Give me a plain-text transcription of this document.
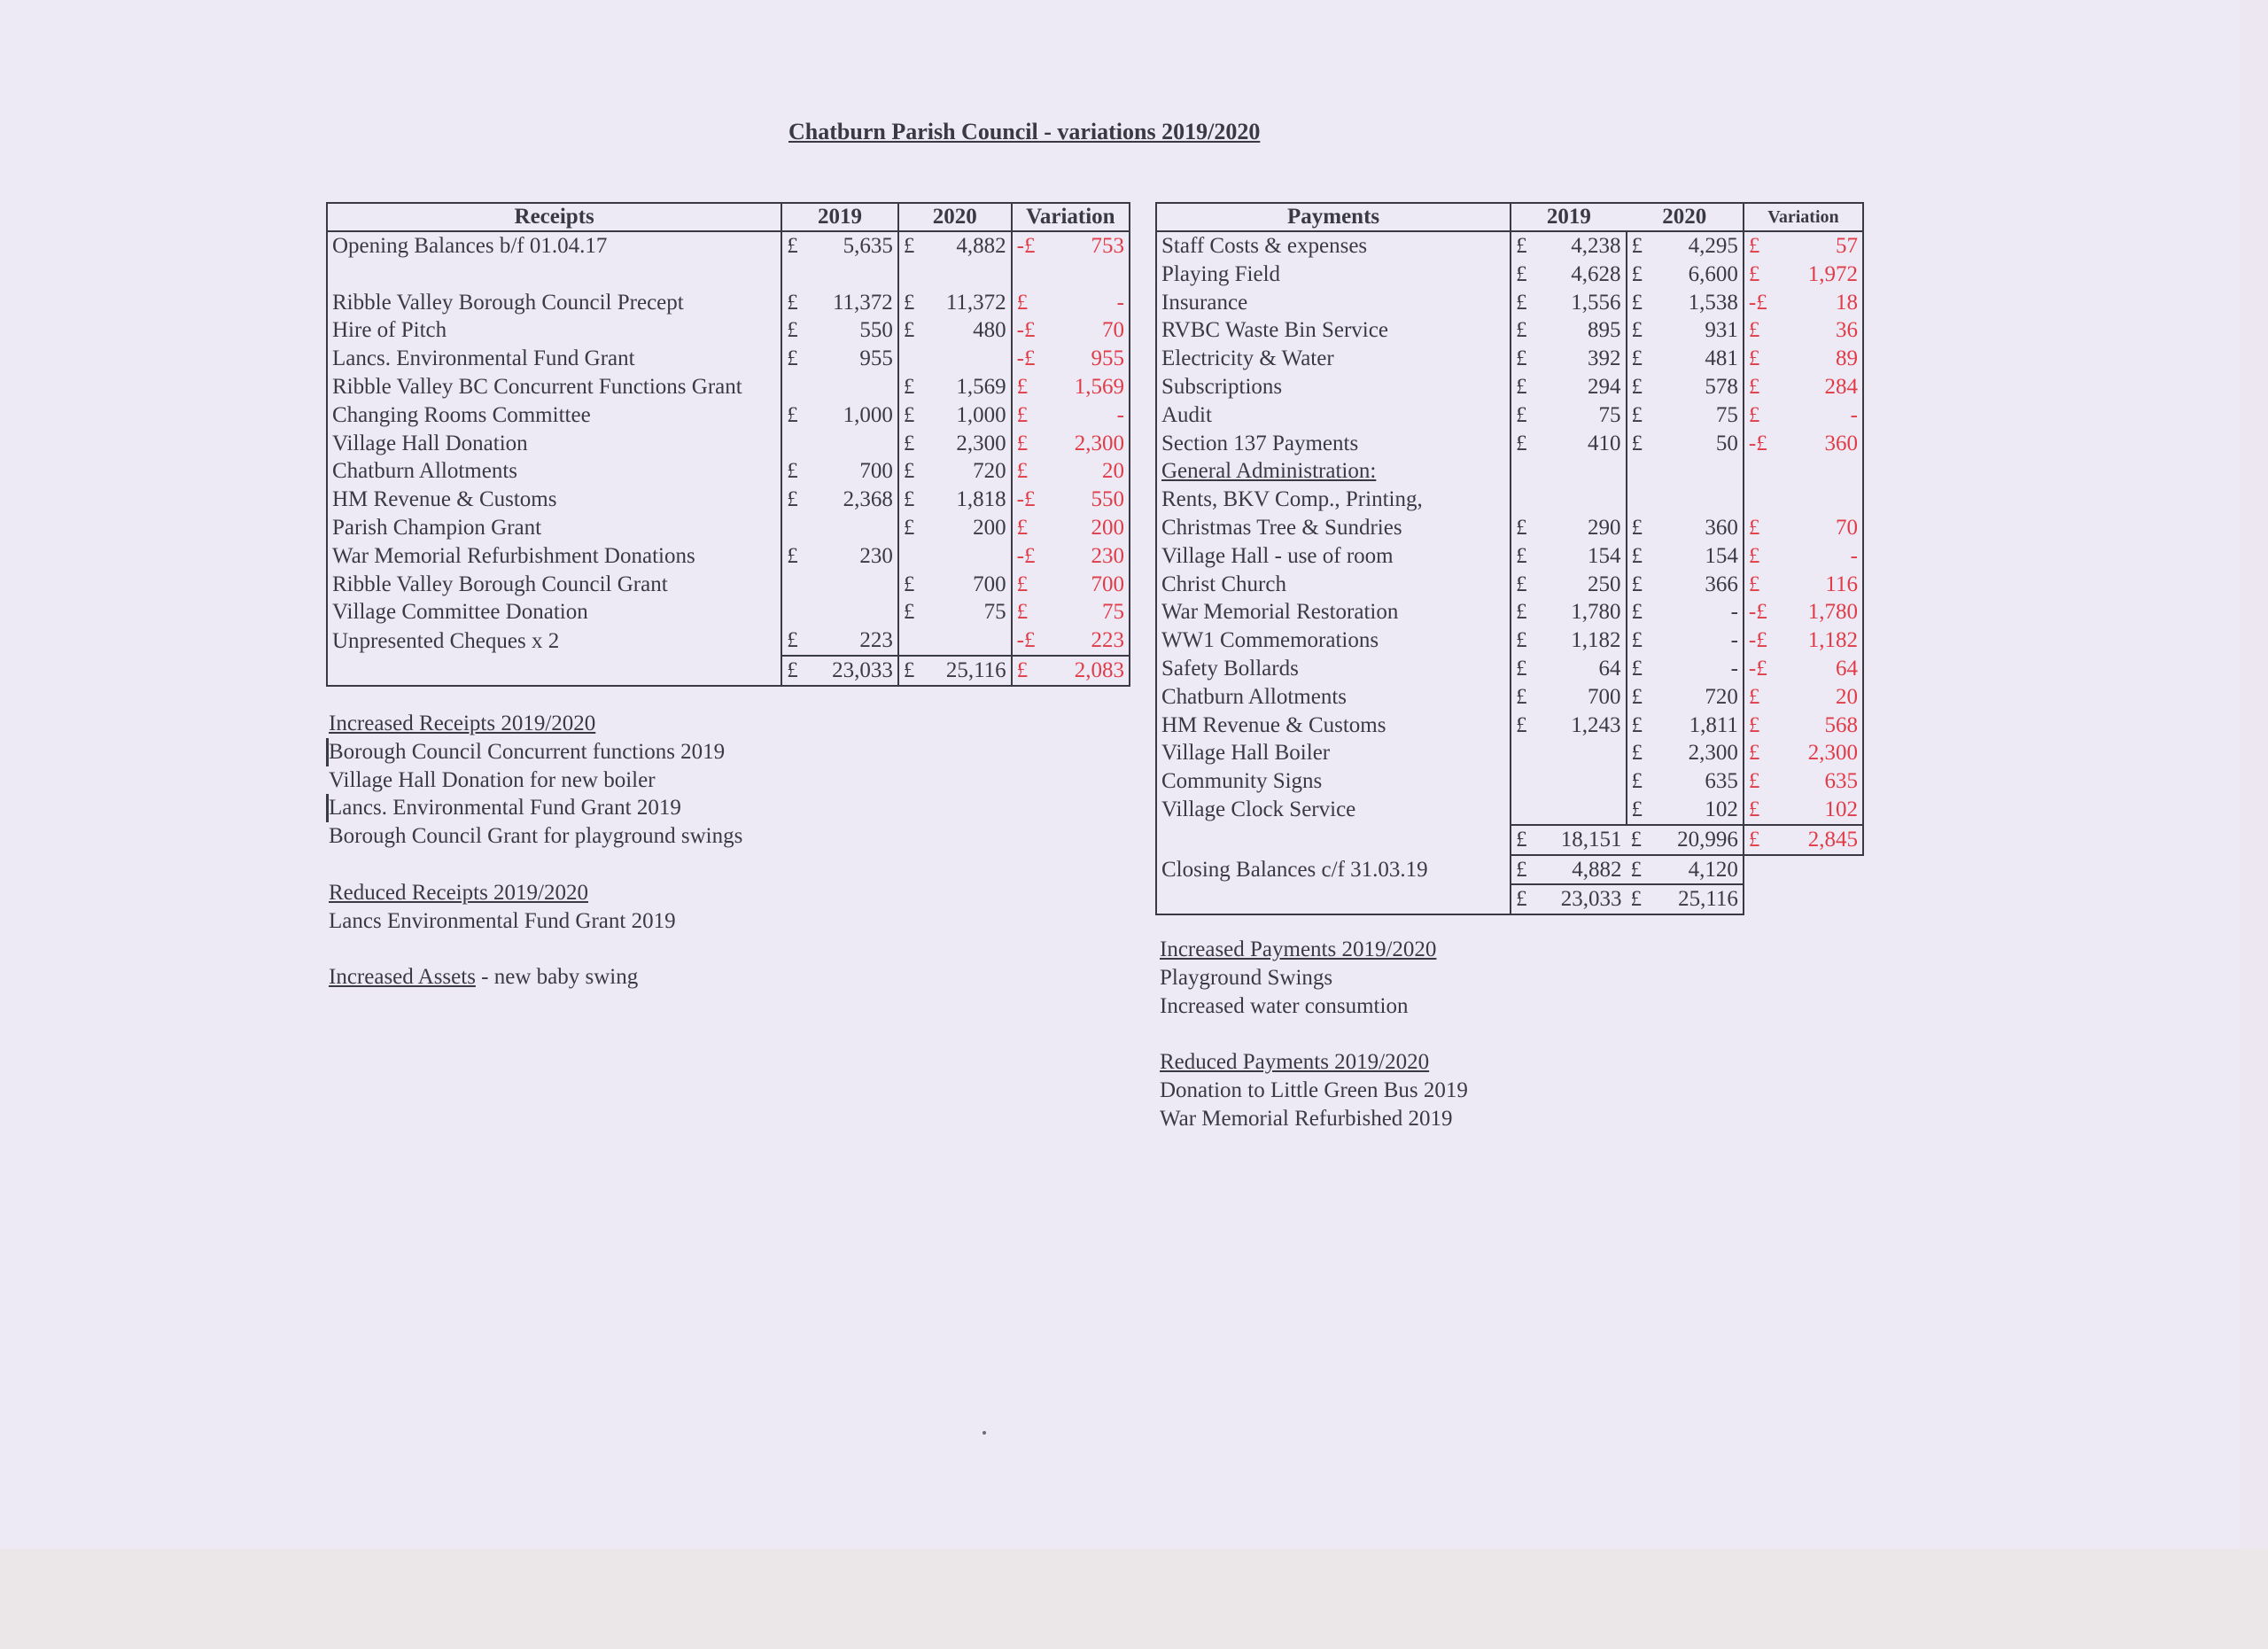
Chatburn Parish Council - variations 2019/2020
Receipts	2019		2020		Variation	
Opening Balances b/f 01.04.17	£	5,635	£	4,882	-£	753

Ribble Valley Borough Council Precept	£	11,372	£	11,372	£	-
Hire of Pitch	£	550	£	480	-£	70
Lancs. Environmental Fund Grant	£	955			-£	955
Ribble Valley BC Concurrent Functions Grant			£	1,569	£	1,569
Changing Rooms Committee	£	1,000	£	1,000	£	-
Village Hall Donation			£	2,300	£	2,300
Chatburn Allotments	£	700	£	720	£	20
HM Revenue & Customs	£	2,368	£	1,818	-£	550
Parish Champion Grant			£	200	£	200
War Memorial Refurbishment Donations	£	230			-£	230
Ribble Valley Borough Council Grant			£	700	£	700
Village Committee Donation			£	75	£	75
Unpresented Cheques x 2	£	223			-£	223
	£	23,033	£	25,116	£	2,083
Payments	2019		2020		Variation	
Staff Costs & expenses	£	4,238	£	4,295	£	57
Playing Field	£	4,628	£	6,600	£	1,972
Insurance	£	1,556	£	1,538	-£	18
RVBC Waste Bin Service	£	895	£	931	£	36
Electricity & Water	£	392	£	481	£	89
Subscriptions	£	294	£	578	£	284
Audit	£	75	£	75	£	-
Section 137 Payments	£	410	£	50	-£	360
General Administration:						
Rents, BKV Comp., Printing,						
Christmas Tree & Sundries	£	290	£	360	£	70
Village Hall - use of room	£	154	£	154	£	-
Christ Church	£	250	£	366	£	116
War Memorial Restoration	£	1,780	£	-	-£	1,780
WW1 Commemorations	£	1,182	£	-	-£	1,182
Safety Bollards	£	64	£	-	-£	64
Chatburn Allotments	£	700	£	720	£	20
HM Revenue & Customs	£	1,243	£	1,811	£	568
Village Hall Boiler			£	2,300	£	2,300
Community Signs			£	635	£	635
Village Clock Service			£	102	£	102
	£	18,151	£	20,996	£	2,845
Closing Balances c/f 31.03.19	£	4,882	£	4,120		
	£	23,033	£	25,116		
Increased Receipts 2019/2020
Borough Council Concurrent functions 2019
Village Hall Donation for new boiler
Lancs. Environmental Fund Grant 2019
Borough Council Grant for playground swings
Reduced Receipts 2019/2020
Lancs Environmental Fund Grant 2019
Increased Assets - new baby swing
Increased Payments 2019/2020
Playground Swings
Increased water consumtion
Reduced Payments 2019/2020
Donation to Little Green Bus 2019
War Memorial Refurbished 2019
